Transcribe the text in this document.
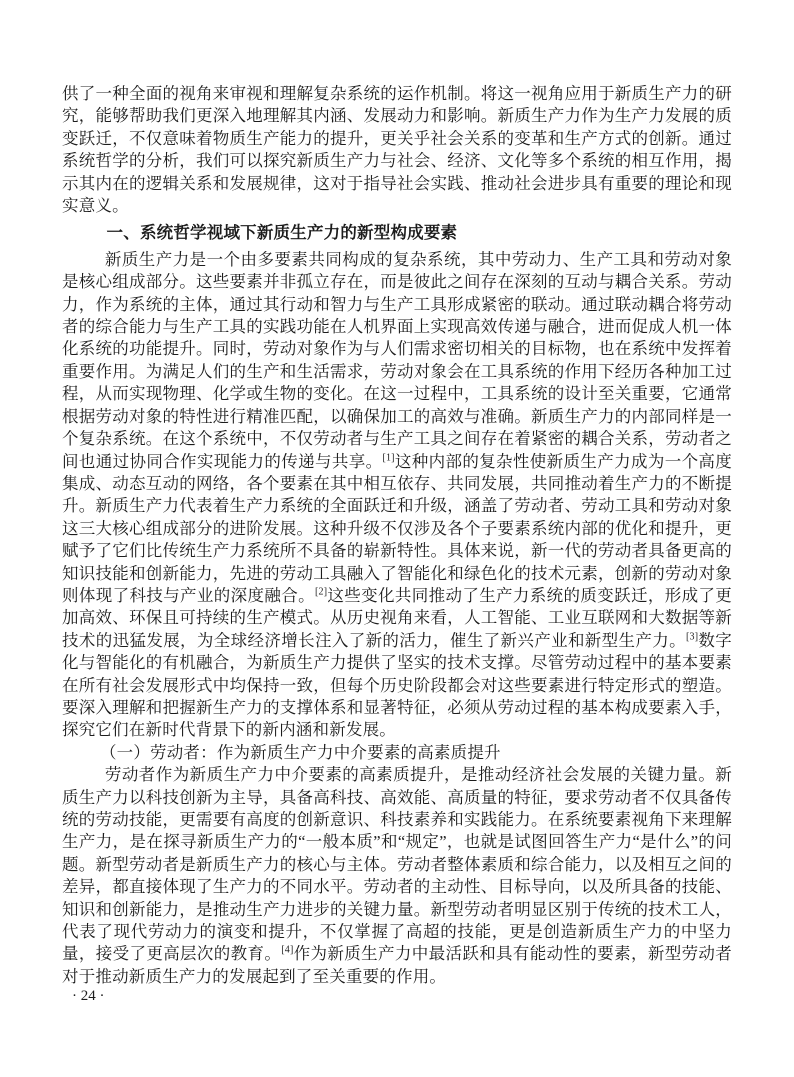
供了一种全面的视角来审视和理解复杂系统的运作机制。将这一视角应用于新质生产力的研究，能够帮助我们更深入地理解其内涵、发展动力和影响。新质生产力作为生产力发展的质变跃迁，不仅意味着物质生产能力的提升，更关乎社会关系的变革和生产方式的创新。通过系统哲学的分析，我们可以探究新质生产力与社会、经济、文化等多个系统的相互作用，揭示其内在的逻辑关系和发展规律，这对于指导社会实践、推动社会进步具有重要的理论和现实意义。

一、系统哲学视域下新质生产力的新型构成要素

新质生产力是一个由多要素共同构成的复杂系统，其中劳动力、生产工具和劳动对象是核心组成部分。这些要素并非孤立存在，而是彼此之间存在深刻的互动与耦合关系。劳动力，作为系统的主体，通过其行动和智力与生产工具形成紧密的联动。通过联动耦合将劳动者的综合能力与生产工具的实践功能在人机界面上实现高效传递与融合，进而促成人机一体化系统的功能提升。同时，劳动对象作为与人们需求密切相关的目标物，也在系统中发挥着重要作用。为满足人们的生产和生活需求，劳动对象会在工具系统的作用下经历各种加工过程，从而实现物理、化学或生物的变化。在这一过程中，工具系统的设计至关重要，它通常根据劳动对象的特性进行精准匹配，以确保加工的高效与准确。新质生产力的内部同样是一个复杂系统。在这个系统中，不仅劳动者与生产工具之间存在着紧密的耦合关系，劳动者之间也通过协同合作实现能力的传递与共享。[1]这种内部的复杂性使新质生产力成为一个高度集成、动态互动的网络，各个要素在其中相互依存、共同发展，共同推动着生产力的不断提升。新质生产力代表着生产力系统的全面跃迁和升级，涵盖了劳动者、劳动工具和劳动对象这三大核心组成部分的进阶发展。这种升级不仅涉及各个子要素系统内部的优化和提升，更赋予了它们比传统生产力系统所不具备的崭新特性。具体来说，新一代的劳动者具备更高的知识技能和创新能力，先进的劳动工具融入了智能化和绿色化的技术元素，创新的劳动对象则体现了科技与产业的深度融合。[2]这些变化共同推动了生产力系统的质变跃迁，形成了更加高效、环保且可持续的生产模式。从历史视角来看，人工智能、工业互联网和大数据等新技术的迅猛发展，为全球经济增长注入了新的活力，催生了新兴产业和新型生产力。[3]数字化与智能化的有机融合，为新质生产力提供了坚实的技术支撑。尽管劳动过程中的基本要素在所有社会发展形式中均保持一致，但每个历史阶段都会对这些要素进行特定形式的塑造。要深入理解和把握新生产力的支撑体系和显著特征，必须从劳动过程的基本构成要素入手，探究它们在新时代背景下的新内涵和新发展。

（一）劳动者：作为新质生产力中介要素的高素质提升

劳动者作为新质生产力中介要素的高素质提升，是推动经济社会发展的关键力量。新质生产力以科技创新为主导，具备高科技、高效能、高质量的特征，要求劳动者不仅具备传统的劳动技能，更需要有高度的创新意识、科技素养和实践能力。在系统要素视角下来理解生产力，是在探寻新质生产力的“一般本质”和“规定”，也就是试图回答生产力“是什么”的问题。新型劳动者是新质生产力的核心与主体。劳动者整体素质和综合能力，以及相互之间的差异，都直接体现了生产力的不同水平。劳动者的主动性、目标导向，以及所具备的技能、知识和创新能力，是推动生产力进步的关键力量。新型劳动者明显区别于传统的技术工人，代表了现代劳动力的演变和提升，不仅掌握了高超的技能，更是创造新质生产力的中坚力量，接受了更高层次的教育。[4]作为新质生产力中最活跃和具有能动性的要素，新型劳动者对于推动新质生产力的发展起到了至关重要的作用。

· 24 ·
